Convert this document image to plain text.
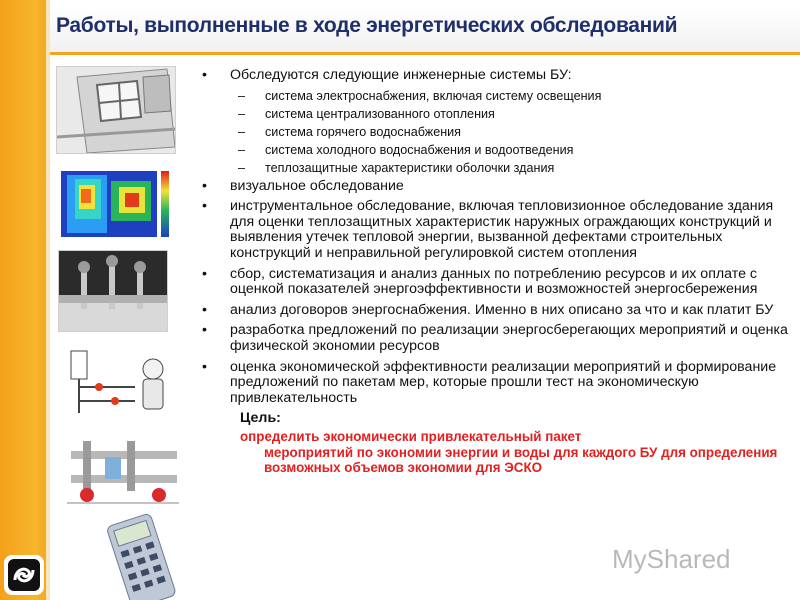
Работы, выполненные в ходе энергетических обследований
• Обследуются следующие инженерные системы БУ:
– система электроснабжения, включая систему освещения
– система централизованного отопления
– система горячего водоснабжения
– система холодного водоснабжения и водоотведения
– теплозащитные характеристики оболочки здания
• визуальное обследование
• инструментальное обследование, включая тепловизионное обследование здания для оценки теплозащитных характеристик наружных ограждающих конструкций и выявления утечек тепловой энергии, вызванной дефектами строительных конструкций и неправильной регулировкой систем отопления
• сбор, систематизация и анализ данных по потреблению ресурсов и их оплате с оценкой показателей энергоэффективности и возможностей энергосбережения
• анализ договоров энергоснабжения. Именно в них описано за что и как платит БУ
• разработка предложений по реализации энергосберегающих мероприятий и оценка физической экономии ресурсов
• оценка экономической эффективности реализации мероприятий и формирование предложений по пакетам мер, которые прошли тест на экономическую привлекательность
Цель:
определить экономически привлекательный пакет
мероприятий по экономии энергии и воды для каждого БУ для определения возможных объемов экономии для ЭСКО
MyShared
